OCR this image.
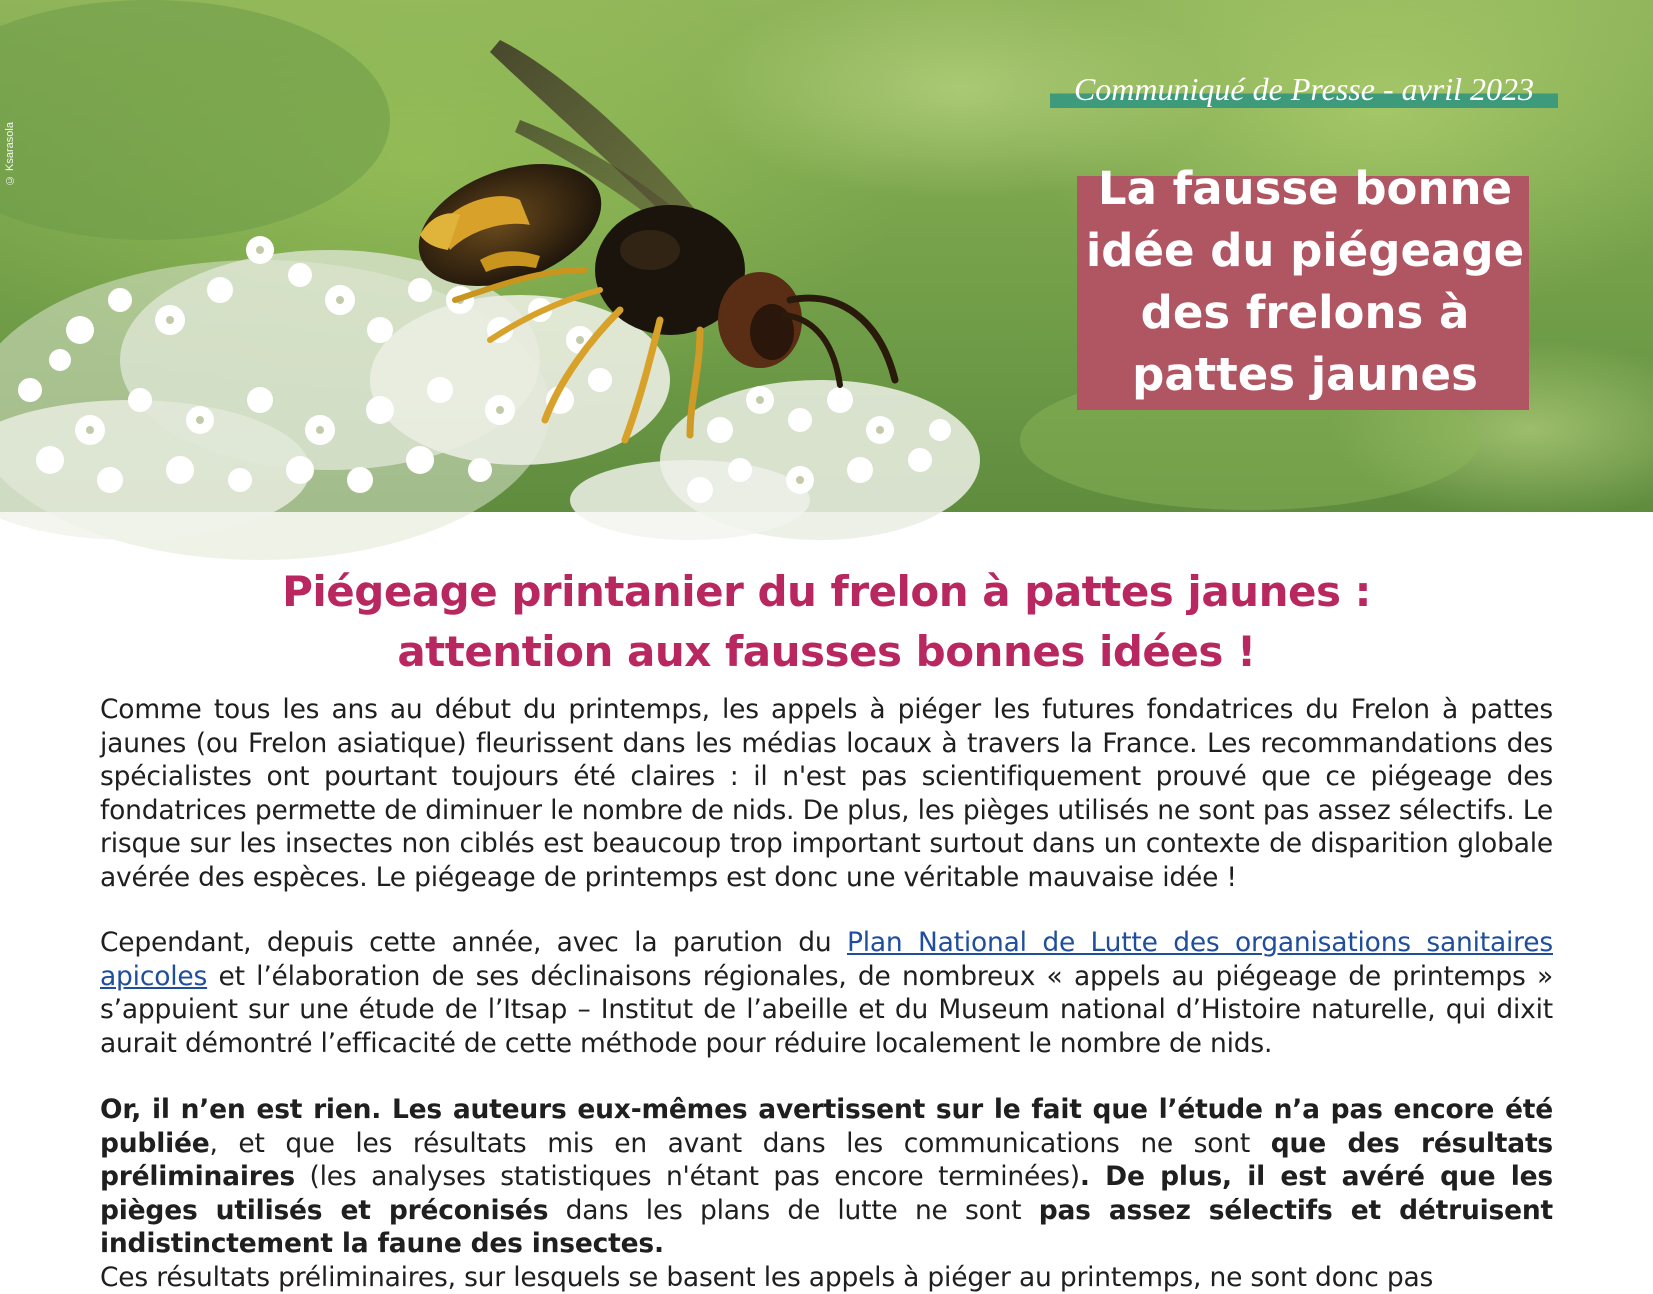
© Ksarasola
Communiqué de Presse - avril 2023
La fausse bonne
idée du piégeage
des frelons à
pattes jaunes
Piégeage printanier du frelon à pattes jaunes :
attention aux fausses bonnes idées !

Comme tous les ans au début du printemps, les appels à piéger les futures fondatrices du Frelon à pattes jaunes (ou Frelon asiatique) fleurissent dans les médias locaux à travers la France. Les recommandations des spécialistes ont pourtant toujours été claires : il n'est pas scientifiquement prouvé que ce piégeage des fondatrices permette de diminuer le nombre de nids. De plus, les pièges utilisés ne sont pas assez sélectifs. Le risque sur les insectes non ciblés est beaucoup trop important surtout dans un contexte de disparition globale avérée des espèces. Le piégeage de printemps est donc une véritable mauvaise idée !

Cependant, depuis cette année, avec la parution du Plan National de Lutte des organisations sanitaires apicoles et l’élaboration de ses déclinaisons régionales, de nombreux « appels au piégeage de printemps » s’appuient sur une étude de l’Itsap – Institut de l’abeille et du Museum national d’Histoire naturelle, qui dixit aurait démontré l’efficacité de cette méthode pour réduire localement le nombre de nids.

Or, il n’en est rien. Les auteurs eux-mêmes avertissent sur le fait que l’étude n’a pas encore été publiée, et que les résultats mis en avant dans les communications ne sont que des résultats préliminaires (les analyses statistiques n'étant pas encore terminées). De plus, il est avéré que les pièges utilisés et préconisés dans les plans de lutte ne sont pas assez sélectifs et détruisent indistinctement la faune des insectes.
Ces résultats préliminaires, sur lesquels se basent les appels à piéger au printemps, ne sont donc pas
